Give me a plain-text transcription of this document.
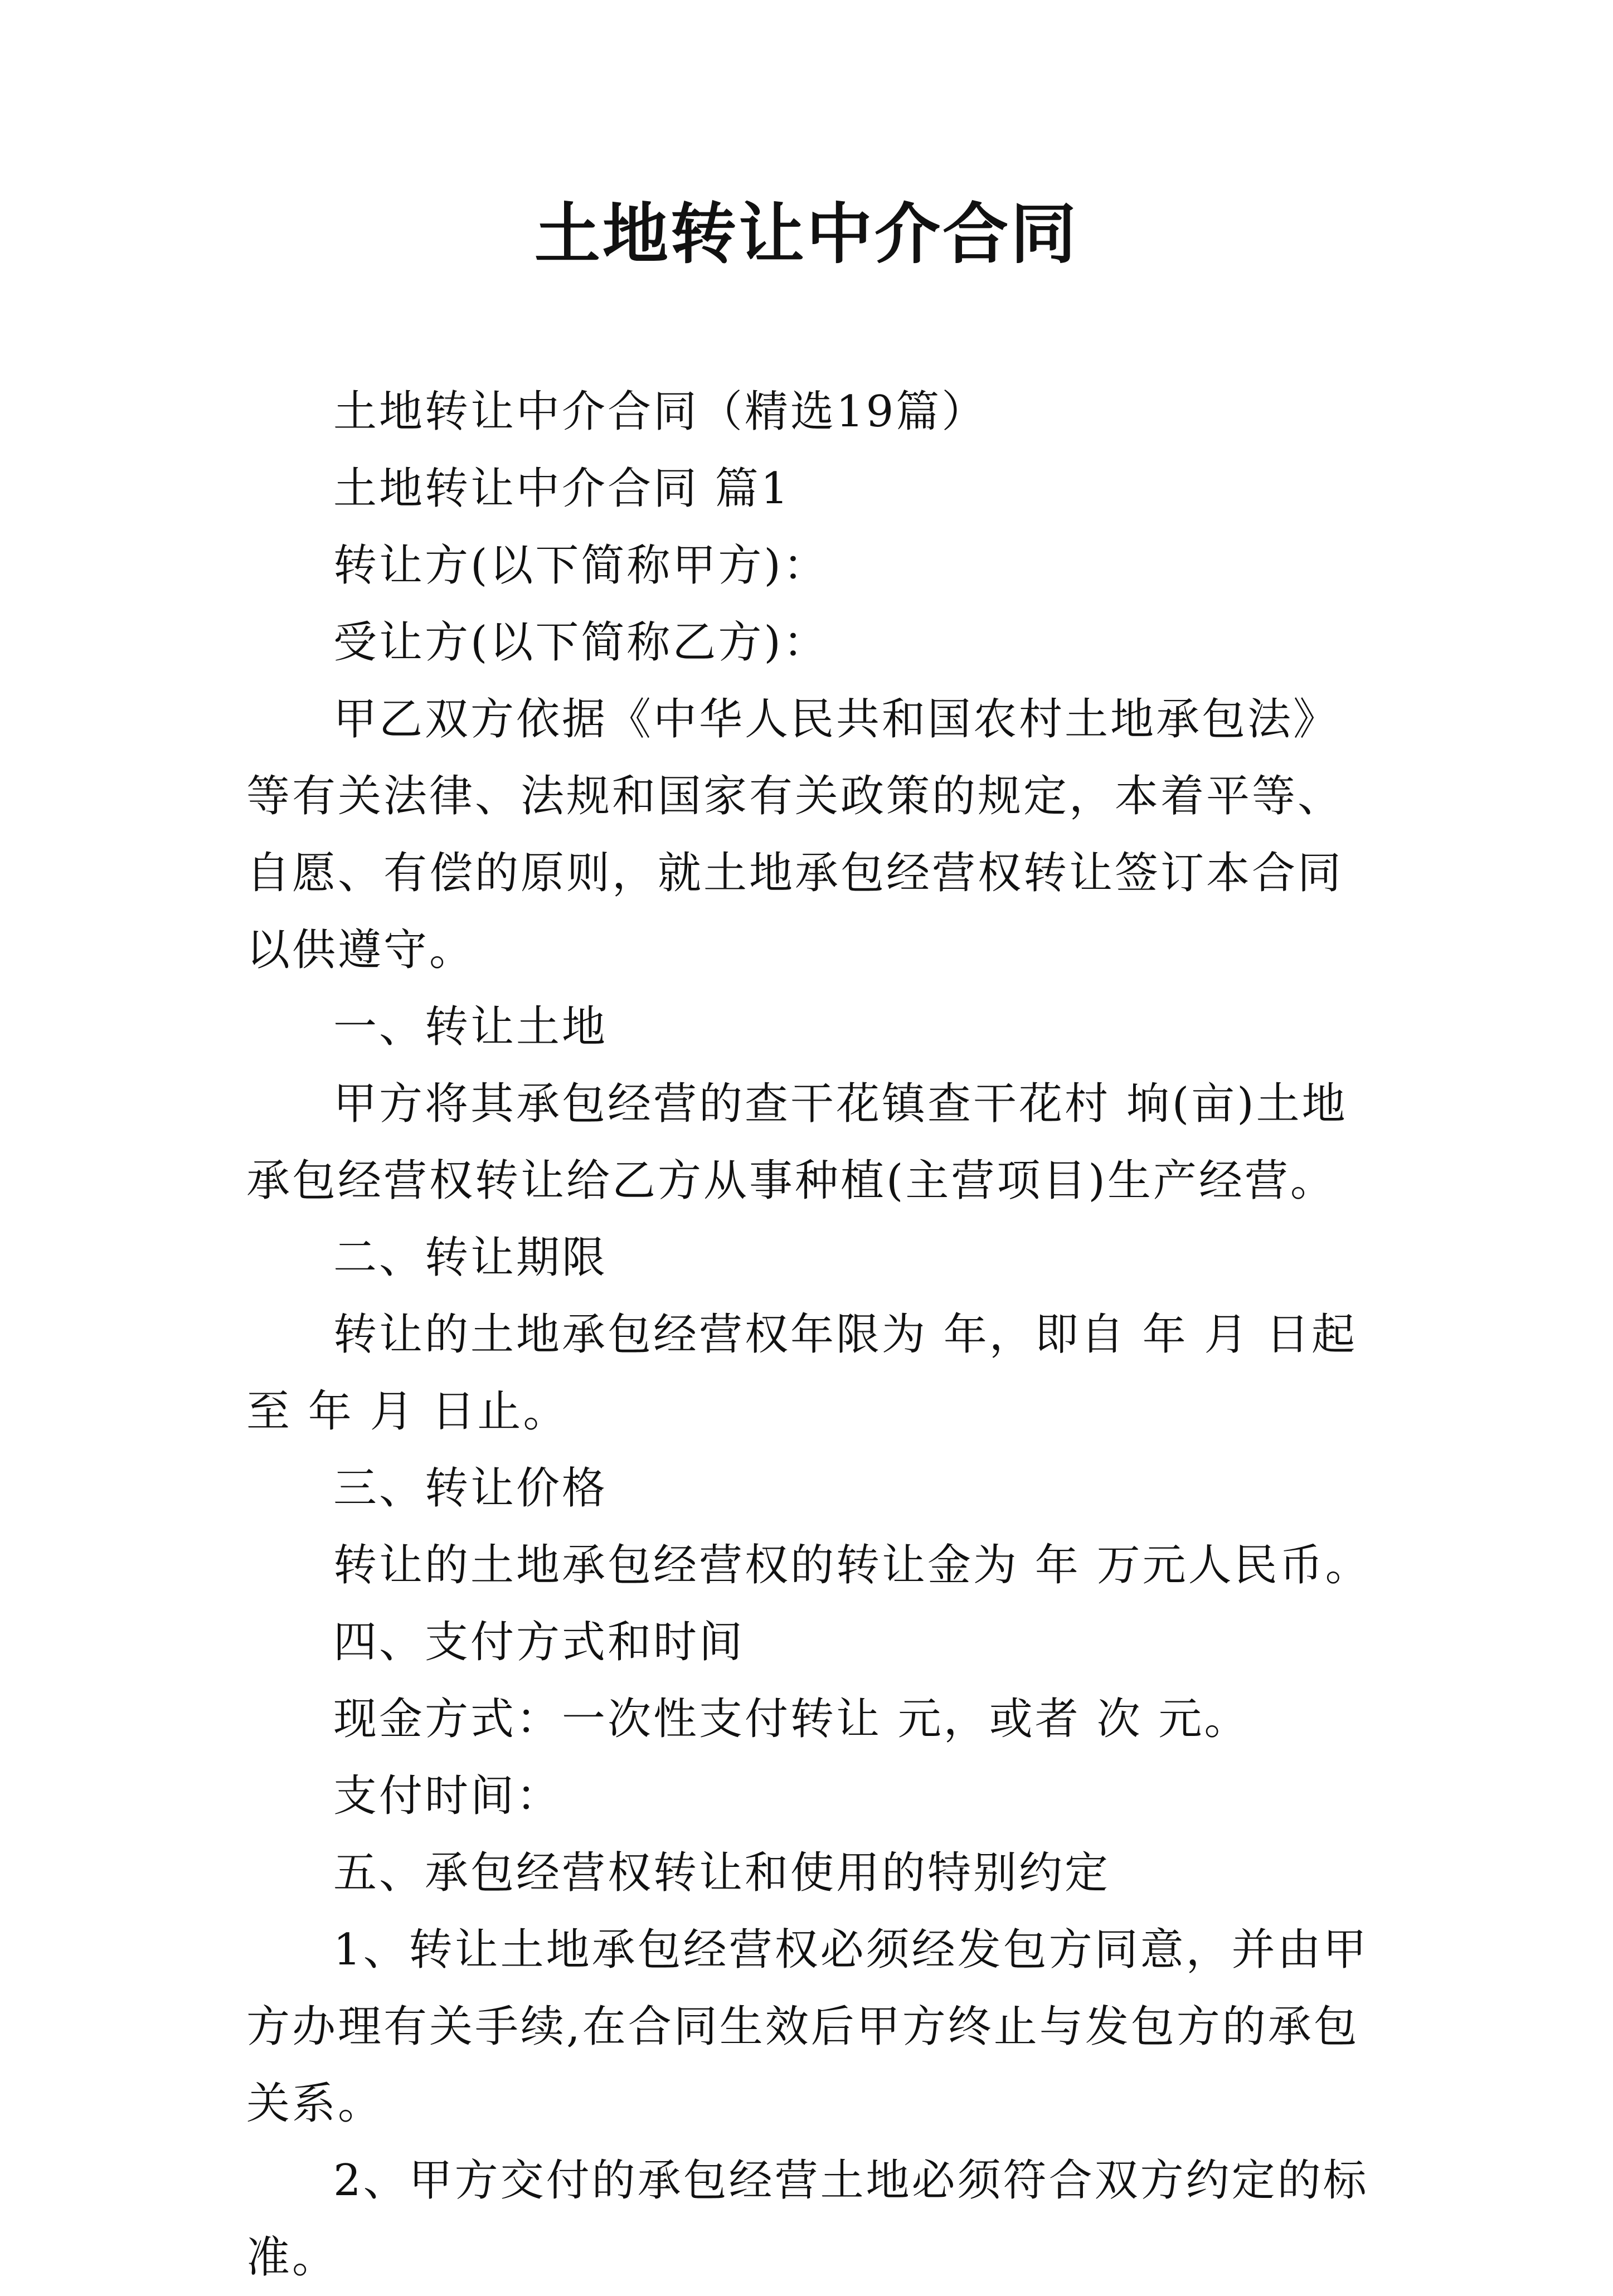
土地转让中介合同

土地转让中介合同（精选19篇）

土地转让中介合同 篇1

转让方(以下简称甲方)：

受让方(以下简称乙方)：

甲乙双方依据《中华人民共和国农村土地承包法》等有关法律、法规和国家有关政策的规定，本着平等、自愿、有偿的原则，就土地承包经营权转让签订本合同以供遵守。

一、转让土地

甲方将其承包经营的查干花镇查干花村 垧(亩)土地承包经营权转让给乙方从事种植(主营项目)生产经营。

二、转让期限

转让的土地承包经营权年限为 年，即自 年 月 日起至 年 月 日止。

三、转让价格

转让的土地承包经营权的转让金为 年 万元人民币。

四、支付方式和时间

现金方式：一次性支付转让 元，或者 次 元。

支付时间：

五、承包经营权转让和使用的特别约定

1、转让土地承包经营权必须经发包方同意，并由甲方办理有关手续,在合同生效后甲方终止与发包方的承包关系。

2、甲方交付的承包经营土地必须符合双方约定的标准。
